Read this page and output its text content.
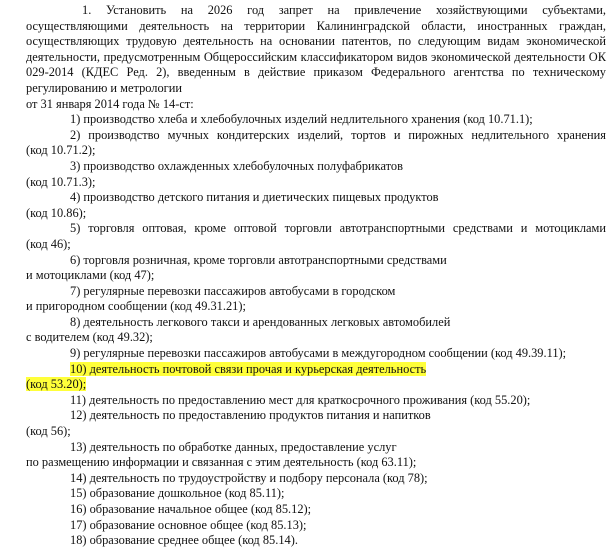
1. Установить на 2026 год запрет на привлечение хозяйствующими субъектами, осуществляющими деятельность на территории Калининградской области, иностранных граждан, осуществляющих трудовую деятельность на основании патентов, по следующим видам экономической деятельности, предусмотренным Общероссийским классификатором видов экономической деятельности ОК 029-2014 (КДЕС Ред. 2), введенным в действие приказом Федерального агентства по техническому регулированию и метрологии

от 31 января 2014 года № 14-ст:

1) производство хлеба и хлебобулочных изделий недлительного хранения (код 10.71.1);
2) производство мучных кондитерских изделий, тортов и пирожных недлительного хранения
(код 10.71.2);
3) производство охлажденных хлебобулочных полуфабрикатов
(код 10.71.3);
4) производство детского питания и диетических пищевых продуктов
(код 10.86);
5) торговля оптовая, кроме оптовой торговли автотранспортными средствами и мотоциклами
(код 46);
6) торговля розничная, кроме торговли автотранспортными средствами
и мотоциклами (код 47);
7) регулярные перевозки пассажиров автобусами в городском
и пригородном сообщении (код 49.31.21);
8) деятельность легкового такси и арендованных легковых автомобилей
с водителем (код 49.32);
9) регулярные перевозки пассажиров автобусами в междугородном сообщении (код 49.39.11);
10) деятельность почтовой связи прочая и курьерская деятельность
(код 53.20);
11) деятельность по предоставлению мест для краткосрочного проживания (код 55.20);
12) деятельность по предоставлению продуктов питания и напитков
(код 56);
13) деятельность по обработке данных, предоставление услуг
по размещению информации и связанная с этим деятельность (код 63.11);
14) деятельность по трудоустройству и подбору персонала (код 78);
15) образование дошкольное (код 85.11);
16) образование начальное общее (код 85.12);
17) образование основное общее (код 85.13);
18) образование среднее общее (код 85.14).
